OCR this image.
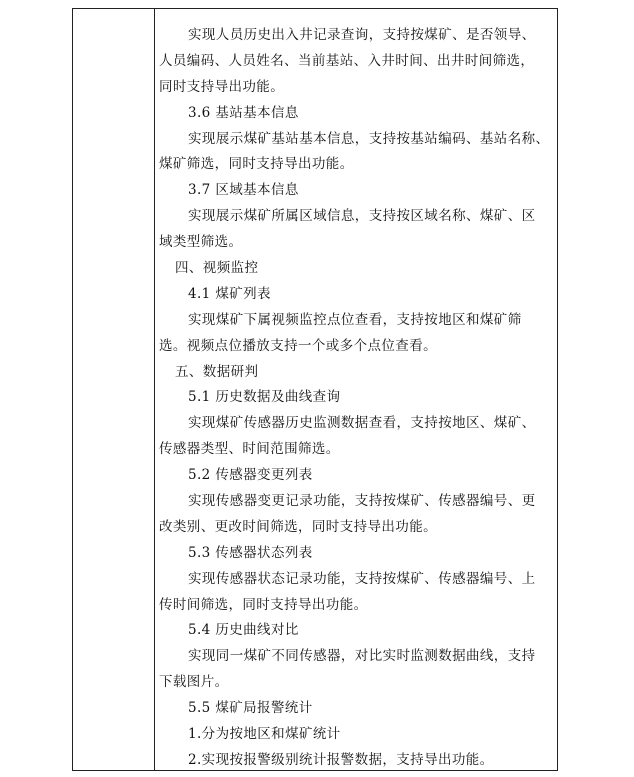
实现人员历史出入井记录查询，支持按煤矿、是否领导、
人员编码、人员姓名、当前基站、入井时间、出井时间筛选，
同时支持导出功能。
3.6 基站基本信息
实现展示煤矿基站基本信息，支持按基站编码、基站名称、
煤矿筛选，同时支持导出功能。
3.7 区域基本信息
实现展示煤矿所属区域信息，支持按区域名称、煤矿、区
域类型筛选。
四、视频监控
4.1 煤矿列表
实现煤矿下属视频监控点位查看，支持按地区和煤矿筛
选。视频点位播放支持一个或多个点位查看。
五、数据研判
5.1 历史数据及曲线查询
实现煤矿传感器历史监测数据查看，支持按地区、煤矿、
传感器类型、时间范围筛选。
5.2 传感器变更列表
实现传感器变更记录功能，支持按煤矿、传感器编号、更
改类别、更改时间筛选，同时支持导出功能。
5.3 传感器状态列表
实现传感器状态记录功能，支持按煤矿、传感器编号、上
传时间筛选，同时支持导出功能。
5.4 历史曲线对比
实现同一煤矿不同传感器，对比实时监测数据曲线，支持
下载图片。
5.5 煤矿局报警统计
1.分为按地区和煤矿统计
2.实现按报警级别统计报警数据，支持导出功能。
